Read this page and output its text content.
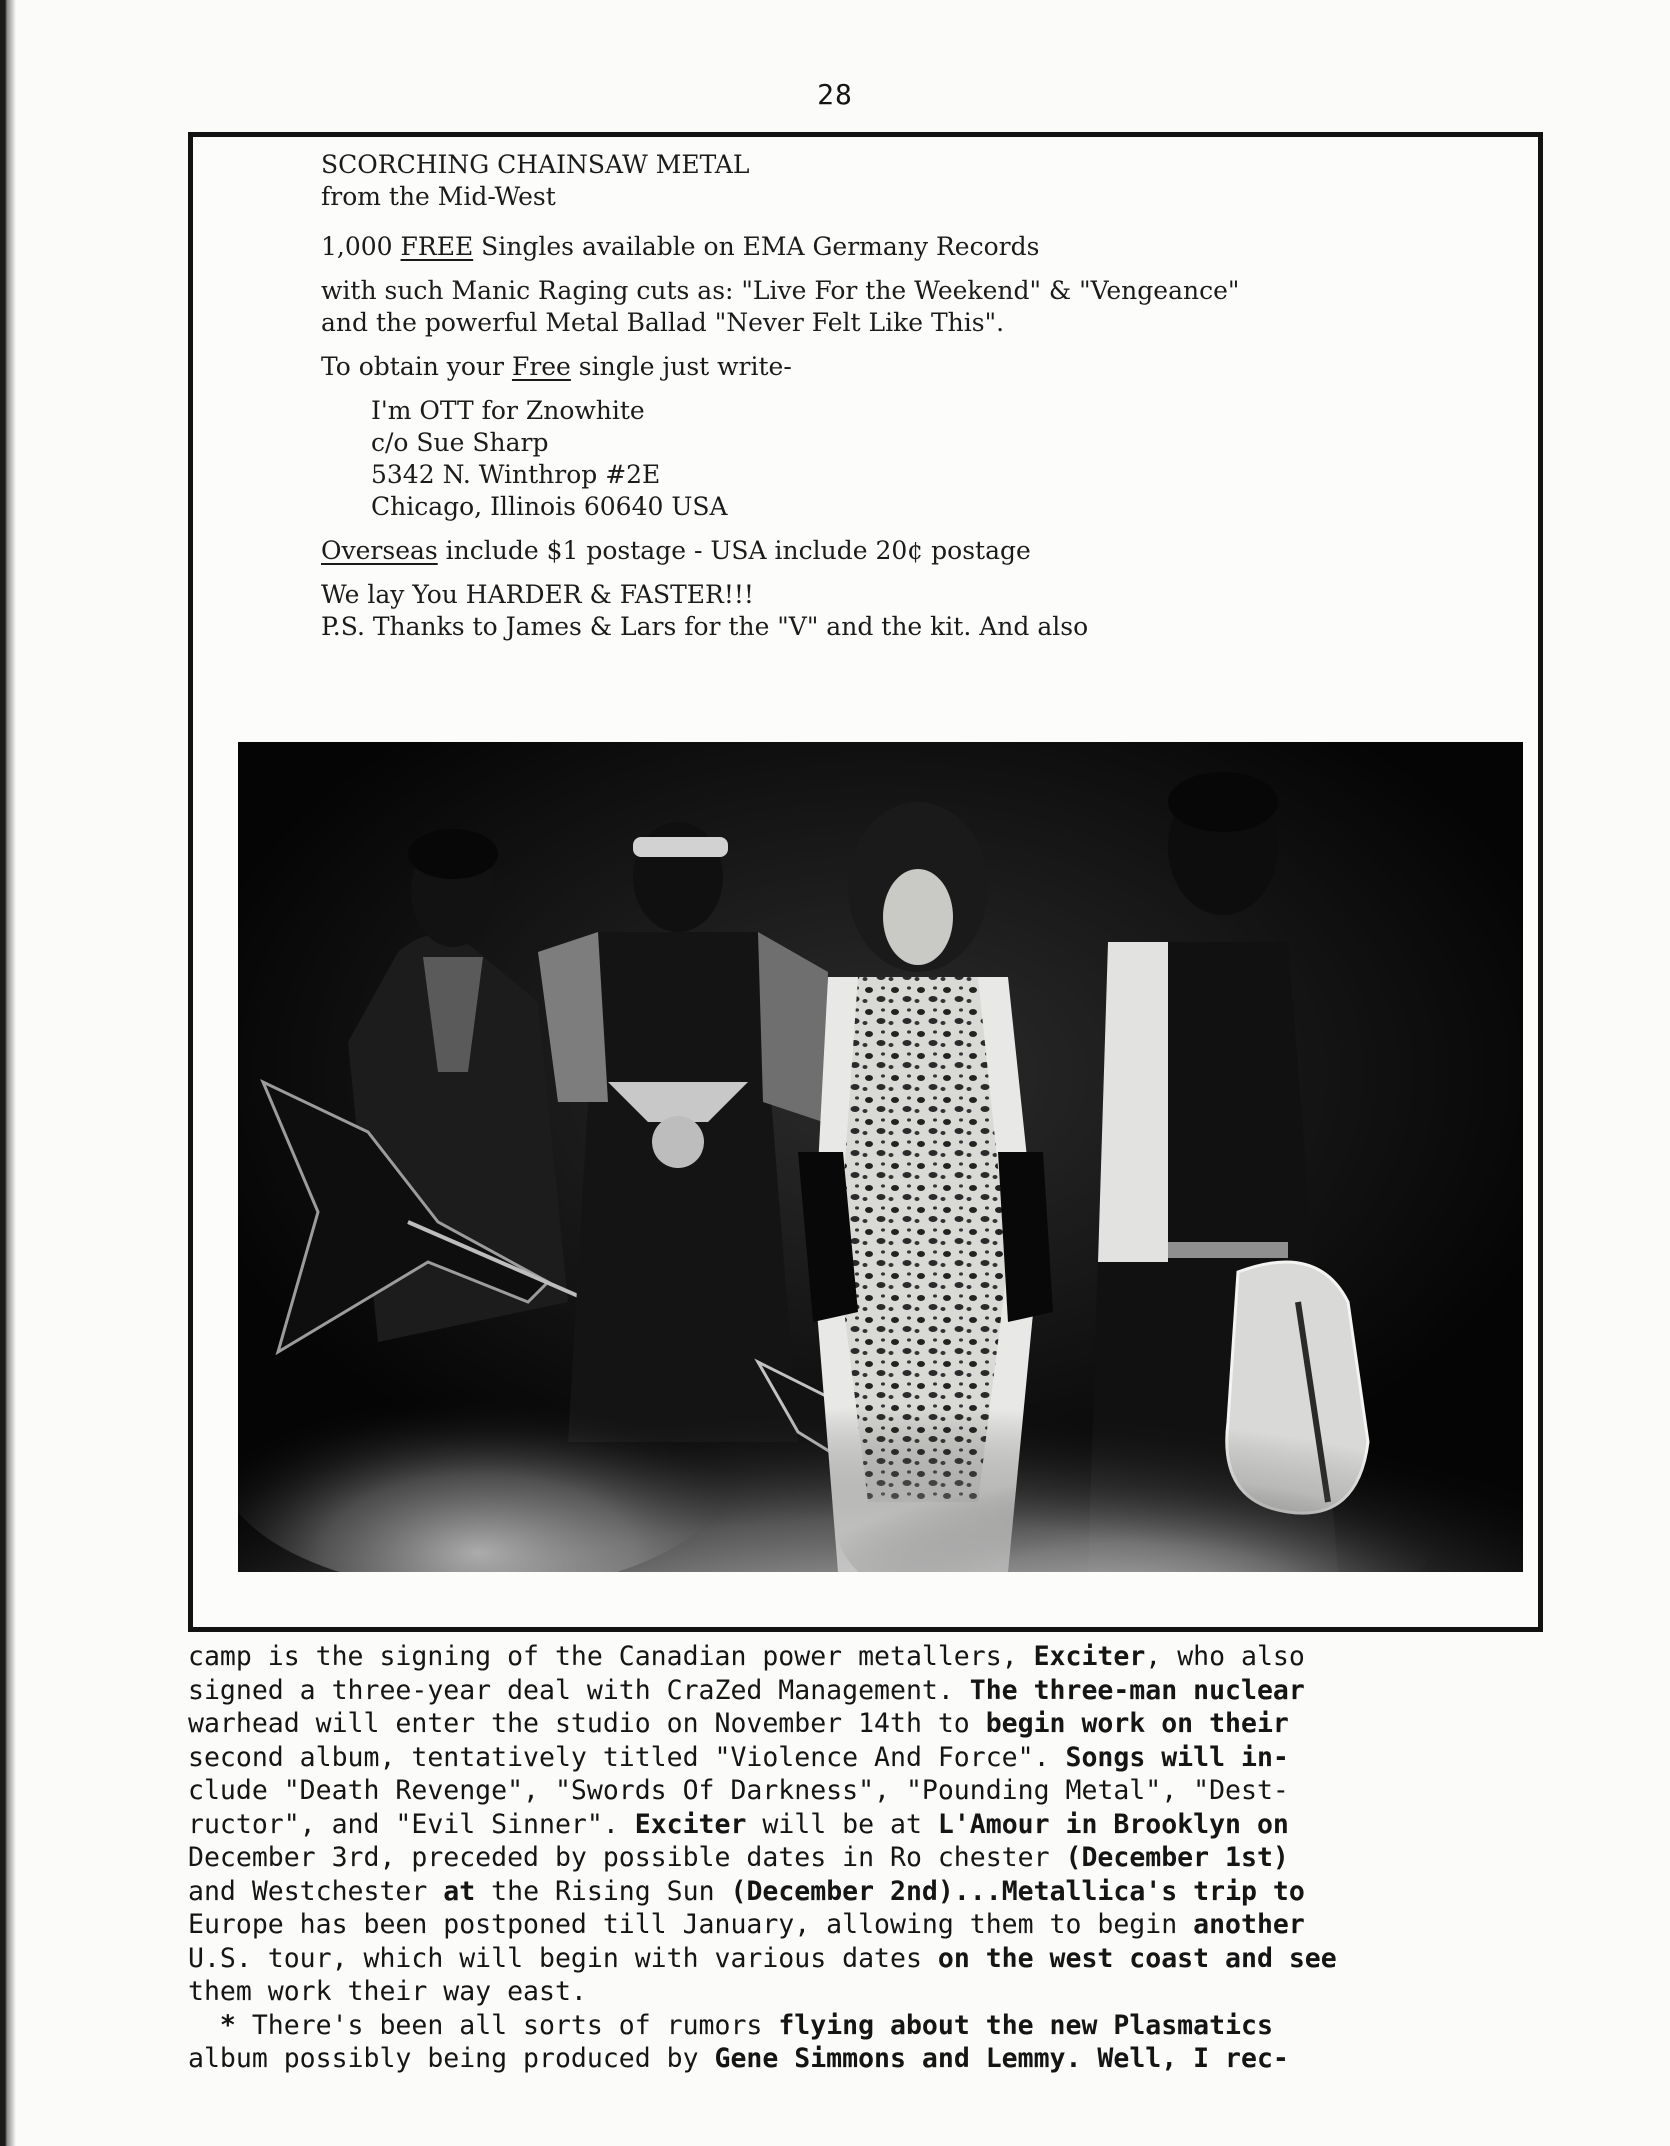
28
SCORCHING CHAINSAW METAL
from the Mid-West
1,000 FREE Singles available on EMA Germany Records
with such Manic Raging cuts as: "Live For the Weekend" & "Vengeance"
and the powerful Metal Ballad "Never Felt Like This".
To obtain your Free single just write-
I'm OTT for Znowhite
c/o Sue Sharp
5342 N. Winthrop #2E
Chicago, Illinois 60640 USA
Overseas include $1 postage - USA include 20¢ postage
We lay You HARDER & FASTER!!!
P.S. Thanks to James & Lars for the "V" and the kit. And also
camp is the signing of the Canadian power metallers, Exciter, who also
signed a three-year deal with CraZed Management. The three-man nuclear
warhead will enter the studio on November 14th to begin work on their
second album, tentatively titled "Violence And Force". Songs will in-
clude "Death Revenge", "Swords Of Darkness", "Pounding Metal", "Dest-
ructor", and "Evil Sinner". Exciter will be at L'Amour in Brooklyn on
December 3rd, preceded by possible dates in Ro chester (December 1st)
and Westchester at the Rising Sun (December 2nd)...Metallica's trip to
Europe has been postponed till January, allowing them to begin another
U.S. tour, which will begin with various dates on the west coast and see
them work their way east.
* There's been all sorts of rumors flying about the new Plasmatics
album possibly being produced by Gene Simmons and Lemmy. Well, I rec-
